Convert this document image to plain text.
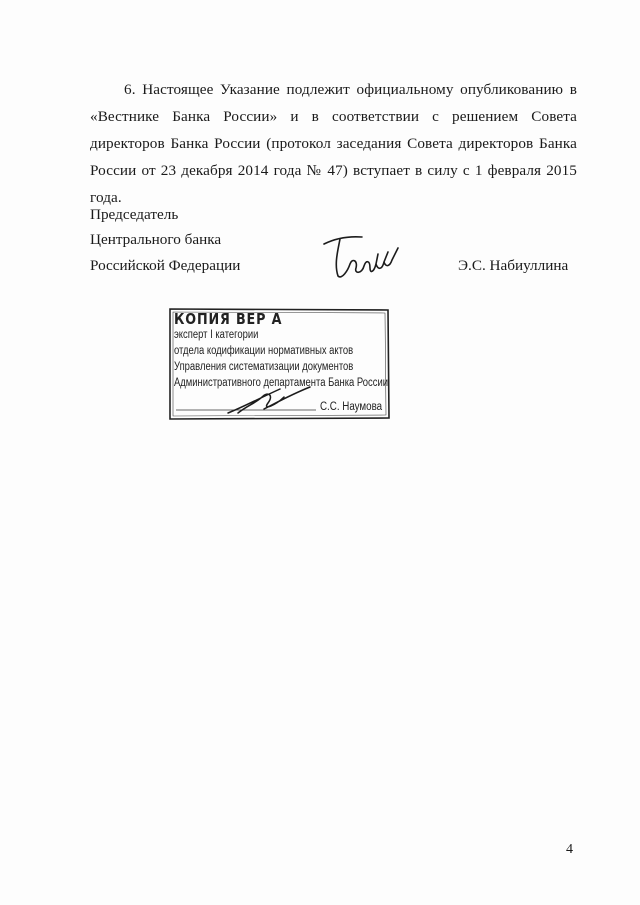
6. Настоящее Указание подлежит официальному опубликованию в «Вестнике Банка России» и в соответствии с решением Совета директоров Банка России (протокол заседания Совета директоров Банка России от 23 декабря 2014 года № 47) вступает в силу с 1 февраля 2015 года.

Председатель
Центрального банка
Российской Федерации	Э.С. Набиуллина
КОПИЯ ВЕР А
эксперт I категории
отдела кодификации нормативных актов
Управления систематизации документов
Административного департамента Банка России
С.С. Наумова
4
